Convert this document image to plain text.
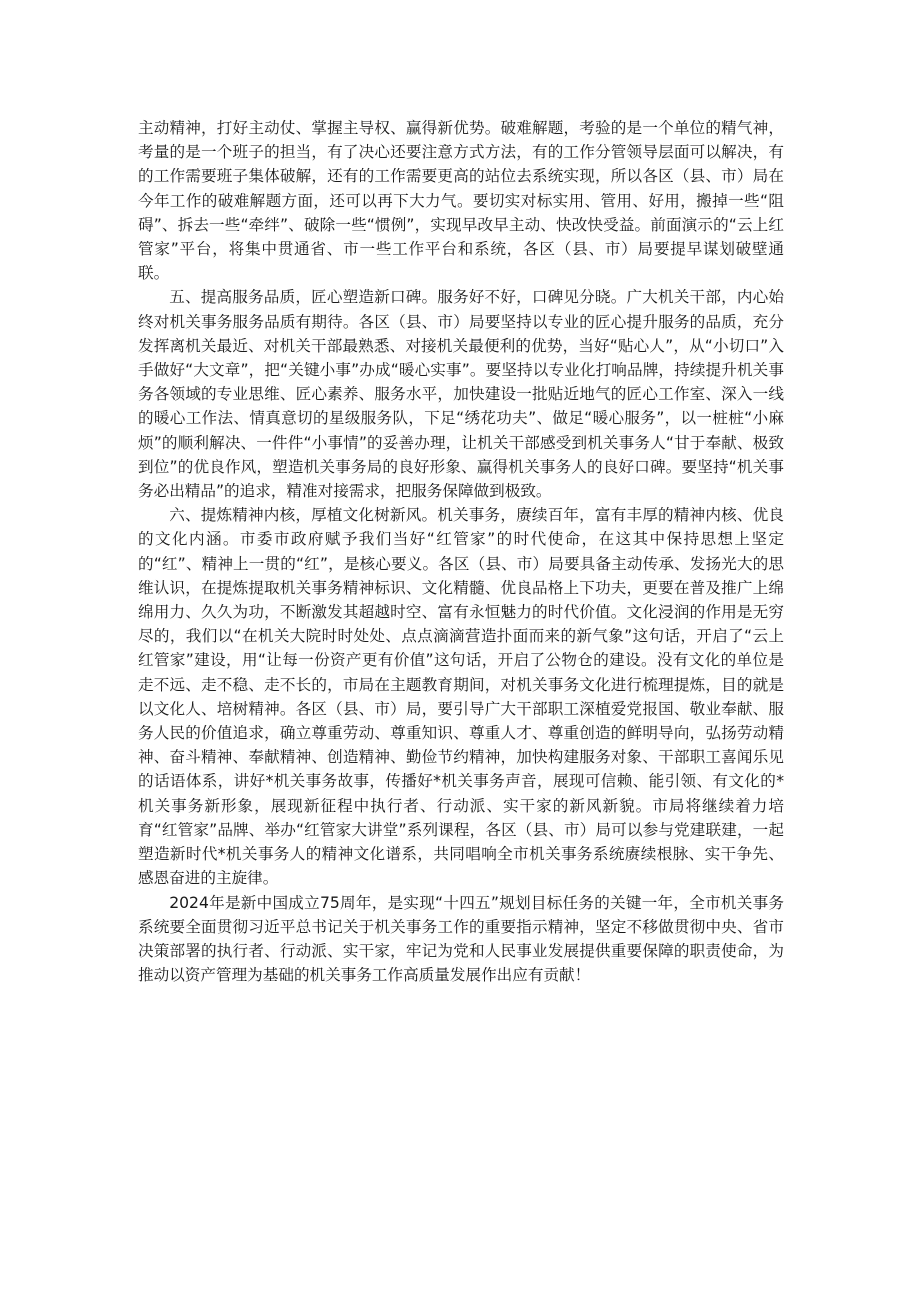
主动精神，打好主动仗、掌握主导权、赢得新优势。破难解题，考验的是一个单位的精气神，考量的是一个班子的担当，有了决心还要注意方式方法，有的工作分管领导层面可以解决，有的工作需要班子集体破解，还有的工作需要更高的站位去系统实现，所以各区（县、市）局在今年工作的破难解题方面，还可以再下大力气。要切实对标实用、管用、好用，搬掉一些“阻碍”、拆去一些“牵绊”、破除一些“惯例”，实现早改早主动、快改快受益。前面演示的“云上红管家”平台，将集中贯通省、市一些工作平台和系统，各区（县、市）局要提早谋划破壁通联。

五、提高服务品质，匠心塑造新口碑。服务好不好，口碑见分晓。广大机关干部，内心始终对机关事务服务品质有期待。各区（县、市）局要坚持以专业的匠心提升服务的品质，充分发挥离机关最近、对机关干部最熟悉、对接机关最便利的优势，当好“贴心人”，从“小切口”入手做好“大文章”，把“关键小事”办成“暖心实事”。要坚持以专业化打响品牌，持续提升机关事务各领域的专业思维、匠心素养、服务水平，加快建设一批贴近地气的匠心工作室、深入一线的暖心工作法、情真意切的星级服务队，下足“绣花功夫”、做足“暖心服务”，以一桩桩“小麻烦”的顺利解决、一件件“小事情”的妥善办理，让机关干部感受到机关事务人“甘于奉献、极致到位”的优良作风，塑造机关事务局的良好形象、赢得机关事务人的良好口碑。要坚持“机关事务必出精品”的追求，精准对接需求，把服务保障做到极致。

六、提炼精神内核，厚植文化树新风。机关事务，赓续百年，富有丰厚的精神内核、优良的文化内涵。市委市政府赋予我们当好“红管家”的时代使命，在这其中保持思想上坚定的“红”、精神上一贯的“红”，是核心要义。各区（县、市）局要具备主动传承、发扬光大的思维认识，在提炼提取机关事务精神标识、文化精髓、优良品格上下功夫，更要在普及推广上绵绵用力、久久为功，不断激发其超越时空、富有永恒魅力的时代价值。文化浸润的作用是无穷尽的，我们以“在机关大院时时处处、点点滴滴营造扑面而来的新气象”这句话，开启了“云上红管家”建设，用“让每一份资产更有价值”这句话，开启了公物仓的建设。没有文化的单位是走不远、走不稳、走不长的，市局在主题教育期间，对机关事务文化进行梳理提炼，目的就是以文化人、培树精神。各区（县、市）局，要引导广大干部职工深植爱党报国、敬业奉献、服务人民的价值追求，确立尊重劳动、尊重知识、尊重人才、尊重创造的鲜明导向，弘扬劳动精神、奋斗精神、奉献精神、创造精神、勤俭节约精神，加快构建服务对象、干部职工喜闻乐见的话语体系，讲好*机关事务故事，传播好*机关事务声音，展现可信赖、能引领、有文化的*机关事务新形象，展现新征程中执行者、行动派、实干家的新风新貌。市局将继续着力培育“红管家”品牌、举办“红管家大讲堂”系列课程，各区（县、市）局可以参与党建联建，一起塑造新时代*机关事务人的精神文化谱系，共同唱响全市机关事务系统赓续根脉、实干争先、感恩奋进的主旋律。

2024年是新中国成立75周年，是实现“十四五”规划目标任务的关键一年，全市机关事务系统要全面贯彻习近平总书记关于机关事务工作的重要指示精神，坚定不移做贯彻中央、省市决策部署的执行者、行动派、实干家，牢记为党和人民事业发展提供重要保障的职责使命，为推动以资产管理为基础的机关事务工作高质量发展作出应有贡献！
